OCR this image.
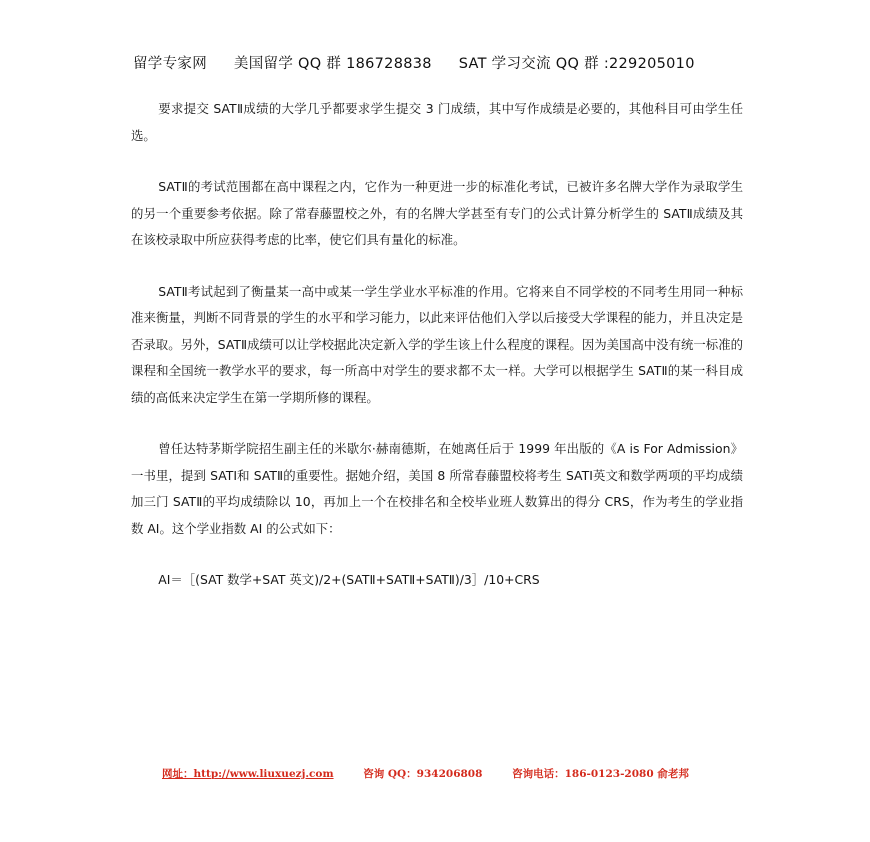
留学专家网 美国留学 QQ 群 186728838 SAT 学习交流 QQ 群 :229205010

要求提交 SATⅡ成绩的大学几乎都要求学生提交 3 门成绩，其中写作成绩是必要的，其他科目可由学生任选。

SATⅡ的考试范围都在高中课程之内，它作为一种更进一步的标准化考试，已被许多名牌大学作为录取学生的另一个重要参考依据。除了常春藤盟校之外，有的名牌大学甚至有专门的公式计算分析学生的 SATⅡ成绩及其在该校录取中所应获得考虑的比率，使它们具有量化的标准。

SATⅡ考试起到了衡量某一高中或某一学生学业水平标准的作用。它将来自不同学校的不同考生用同一种标准来衡量，判断不同背景的学生的水平和学习能力，以此来评估他们入学以后接受大学课程的能力，并且决定是否录取。另外，SATⅡ成绩可以让学校据此决定新入学的学生该上什么程度的课程。因为美国高中没有统一标准的课程和全国统一教学水平的要求，每一所高中对学生的要求都不太一样。大学可以根据学生 SATⅡ的某一科目成绩的高低来决定学生在第一学期所修的课程。

曾任达特茅斯学院招生副主任的米歇尔·赫南德斯，在她离任后于 1999 年出版的《A is For Admission》一书里，提到 SATⅠ和 SATⅡ的重要性。据她介绍，美国 8 所常春藤盟校将考生 SATⅠ英文和数学两项的平均成绩加三门 SATⅡ的平均成绩除以 10，再加上一个在校排名和全校毕业班人数算出的得分 CRS，作为考生的学业指数 AI。这个学业指数 AI 的公式如下：

AI＝［(SAT 数学+SAT 英文)/2+(SATⅡ+SATⅡ+SATⅡ)/3］/10+CRS

网址：http://www.liuxuezj.com	咨询 QQ：934206808	咨询电话：186-0123-2080 俞老邦
